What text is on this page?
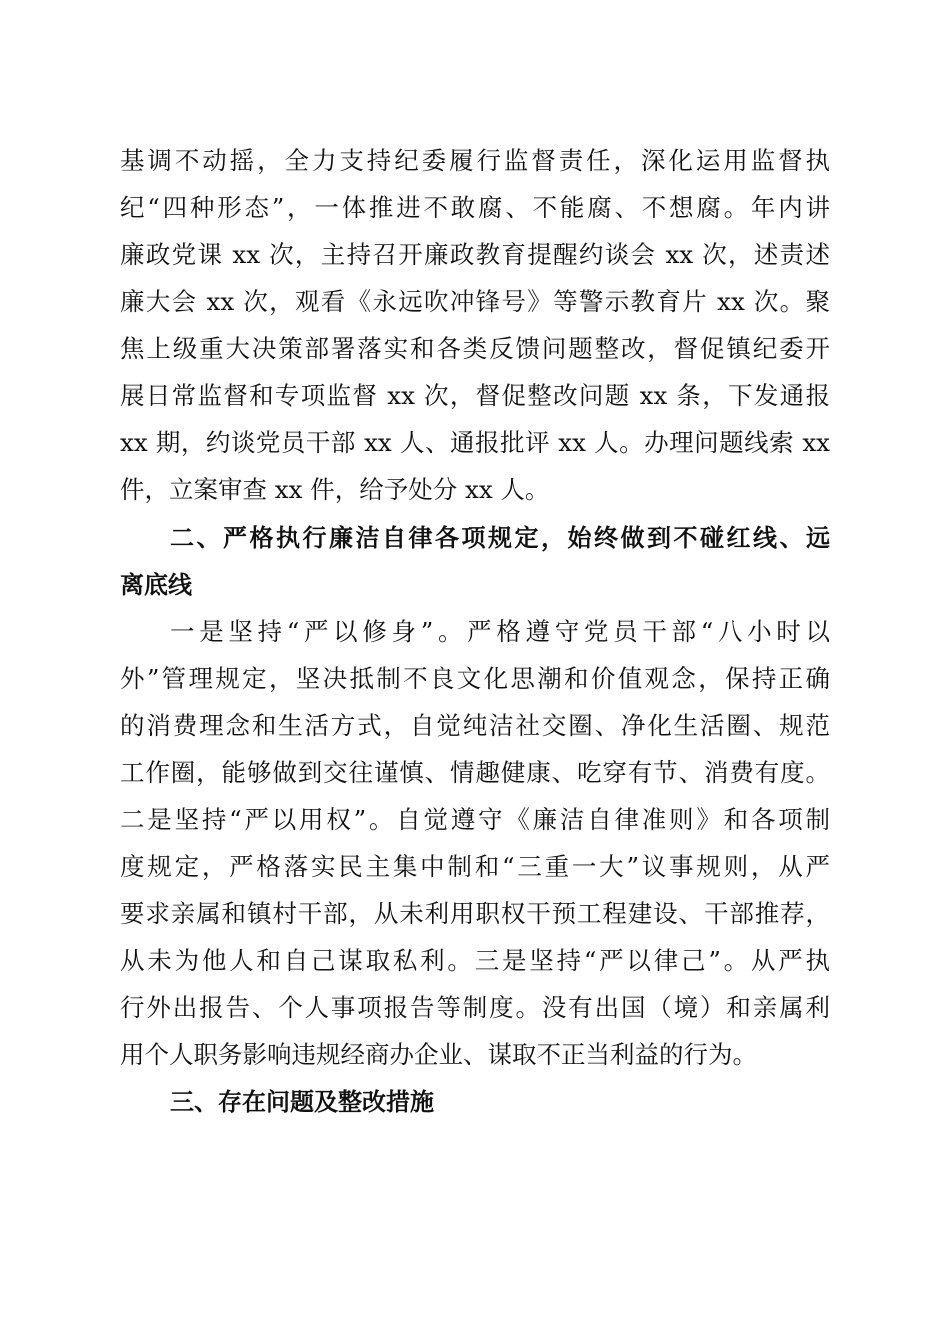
基调不动摇，全力支持纪委履行监督责任，深化运用监督执
纪“四种形态”，一体推进不敢腐、不能腐、不想腐。年内讲
廉政党课 xx 次，主持召开廉政教育提醒约谈会 xx 次，述责述
廉大会 xx 次，观看《永远吹冲锋号》等警示教育片 xx 次。聚
焦上级重大决策部署落实和各类反馈问题整改，督促镇纪委开
展日常监督和专项监督 xx 次，督促整改问题 xx 条，下发通报
xx 期，约谈党员干部 xx 人、通报批评 xx 人。办理问题线索 xx
件，立案审查 xx 件，给予处分 xx 人。
二、严格执行廉洁自律各项规定，始终做到不碰红线、远
离底线
一是坚持“严以修身”。严格遵守党员干部“八小时以
外”管理规定，坚决抵制不良文化思潮和价值观念，保持正确
的消费理念和生活方式，自觉纯洁社交圈、净化生活圈、规范
工作圈，能够做到交往谨慎、情趣健康、吃穿有节、消费有度。
二是坚持“严以用权”。自觉遵守《廉洁自律准则》和各项制
度规定，严格落实民主集中制和“三重一大”议事规则，从严
要求亲属和镇村干部，从未利用职权干预工程建设、干部推荐，
从未为他人和自己谋取私利。三是坚持“严以律己”。从严执
行外出报告、个人事项报告等制度。没有出国（境）和亲属利
用个人职务影响违规经商办企业、谋取不正当利益的行为。
三、存在问题及整改措施
